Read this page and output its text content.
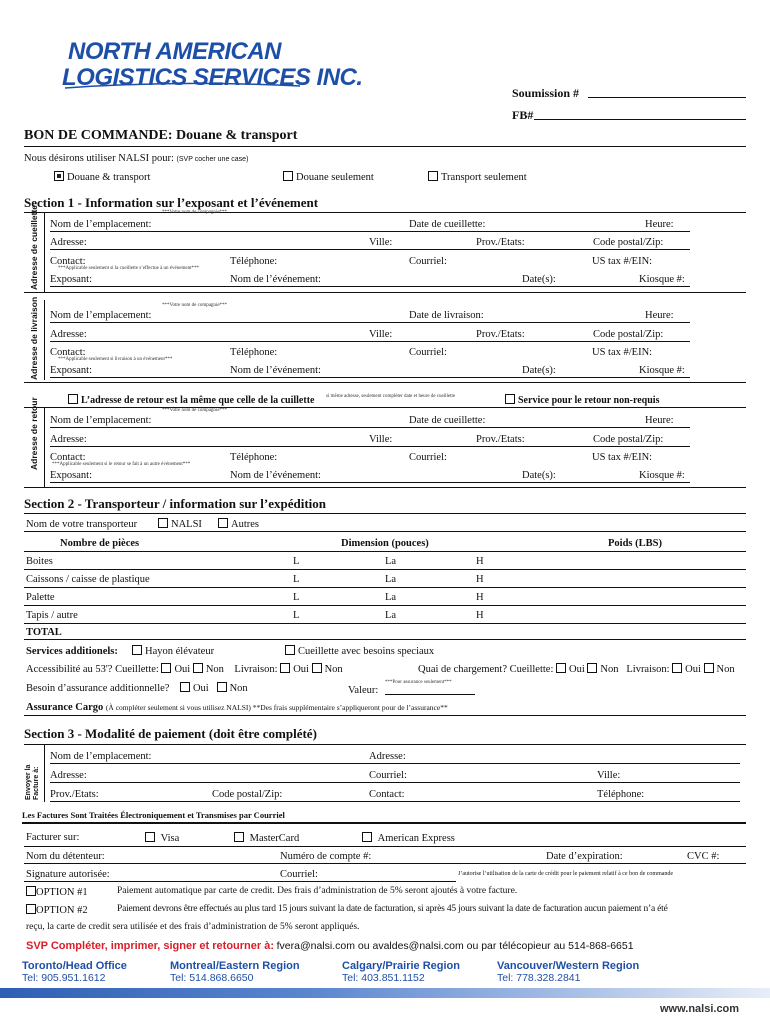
NORTH AMERICAN
LOGISTICS SERVICES INC.
Soumission #
FB#
BON DE COMMANDE: Douane & transport
Nous désirons utiliser NALSI pour: (SVP cocher une case)
Douane & transport	Douane seulement	Transport seulement
Section 1 - Information sur l’exposant et l’événement
Adresse de cueillette	***Votre nom de compagnie***
Nom de l’emplacement:	Date de cueillette:	Heure:
Adresse:	Ville:	Prov./Etats:	Code postal/Zip:
Contact:	Téléphone:	Courriel:	US tax #/EIN:
***Applicable seulement si la cueillette s’effectue à un événement***
Exposant:	Nom de l’événement:	Date(s):	Kiosque #:
Adresse de livraison	***Votre nom de compagnie***
Nom de l’emplacement:	Date de livraison:	Heure:
Adresse:	Ville:	Prov./Etats:	Code postal/Zip:
Contact:	Téléphone:	Courriel:	US tax #/EIN:
***Applicable seulement si livraison à un événement***
Exposant:	Nom de l’événement:	Date(s):	Kiosque #:
L’adresse de retour est la même que celle de la cuillette si même adresse, seulement compléter date et heure de cueillette	Service pour le retour non-requis
Adresse de retour	***Votre nom de compagnie***
Nom de l’emplacement:	Date de cueillette:	Heure:
Adresse:	Ville:	Prov./Etats:	Code postal/Zip:
Contact:	Téléphone:	Courriel:	US tax #/EIN:
***Applicable seulement si le retour se fait à un autre événement***
Exposant:	Nom de l’événement:	Date(s):	Kiosque #:
Section 2 - Transporteur / information sur l’expédition
Nom de votre transporteur	NALSI	Autres
Nombre de pièces	Dimension (pouces)	Poids (LBS)
Boites	L	La	H
Caissons / caisse de plastique	L	La	H
Palette	L	La	H
Tapis / autre	L	La	H
TOTAL
Services additionels:	Hayon élévateur	Cueillette avec besoins speciaux
Accessibilité au 53'? Cueillette: Oui Non Livraison: Oui Non	Quai de chargement? Cueillette: Oui Non Livraison: Oui Non
Besoin d’assurance additionnelle? Oui Non
***Pour assurance seulement***
Valeur:
Assurance Cargo (À compléter seulement si vous utilisez NALSI) **Des frais supplémentaire s’appliqueront pour de l’assurance**
Section 3 - Modalité de paiement (doit être complété)
Envoyer la Facture à:
Nom de l’emplacement:	Adresse:
Adresse:	Courriel:	Ville:
Prov./Etats:	Code postal/Zip:	Contact:	Téléphone:
Les Factures Sont Traitées Électroniquement et Transmises par Courriel
Facturer sur:	Visa	MasterCard	American Express
Nom du détenteur:	Numéro de compte #:	Date d’expiration:	CVC #:
Signature autorisée:	Courriel:	J’autorise l’utilisation de la carte de crédit pour le paiement relatif à ce bon de commande
OPTION #1	Paiement automatique par carte de credit. Des frais d’administration de 5% seront ajoutés à votre facture.
OPTION #2	Paiement devrons être effectués au plus tard 15 jours suivant la date de facturation, si après 45 jours suivant la date de facturation aucun paiement n’a été
reçu, la carte de credit sera utilisée et des frais d’administration de 5% seront appliqués.
SVP Compléter, imprimer, signer et retourner à: fvera@nalsi.com ou avaldes@nalsi.com ou par télécopieur au 514-868-6651
Toronto/Head Office
Tel: 905.951.1612
Montreal/Eastern Region
Tel: 514.868.6650
Calgary/Prairie Region
Tel: 403.851.1152
Vancouver/Western Region
Tel: 778.328.2841
www.nalsi.com
